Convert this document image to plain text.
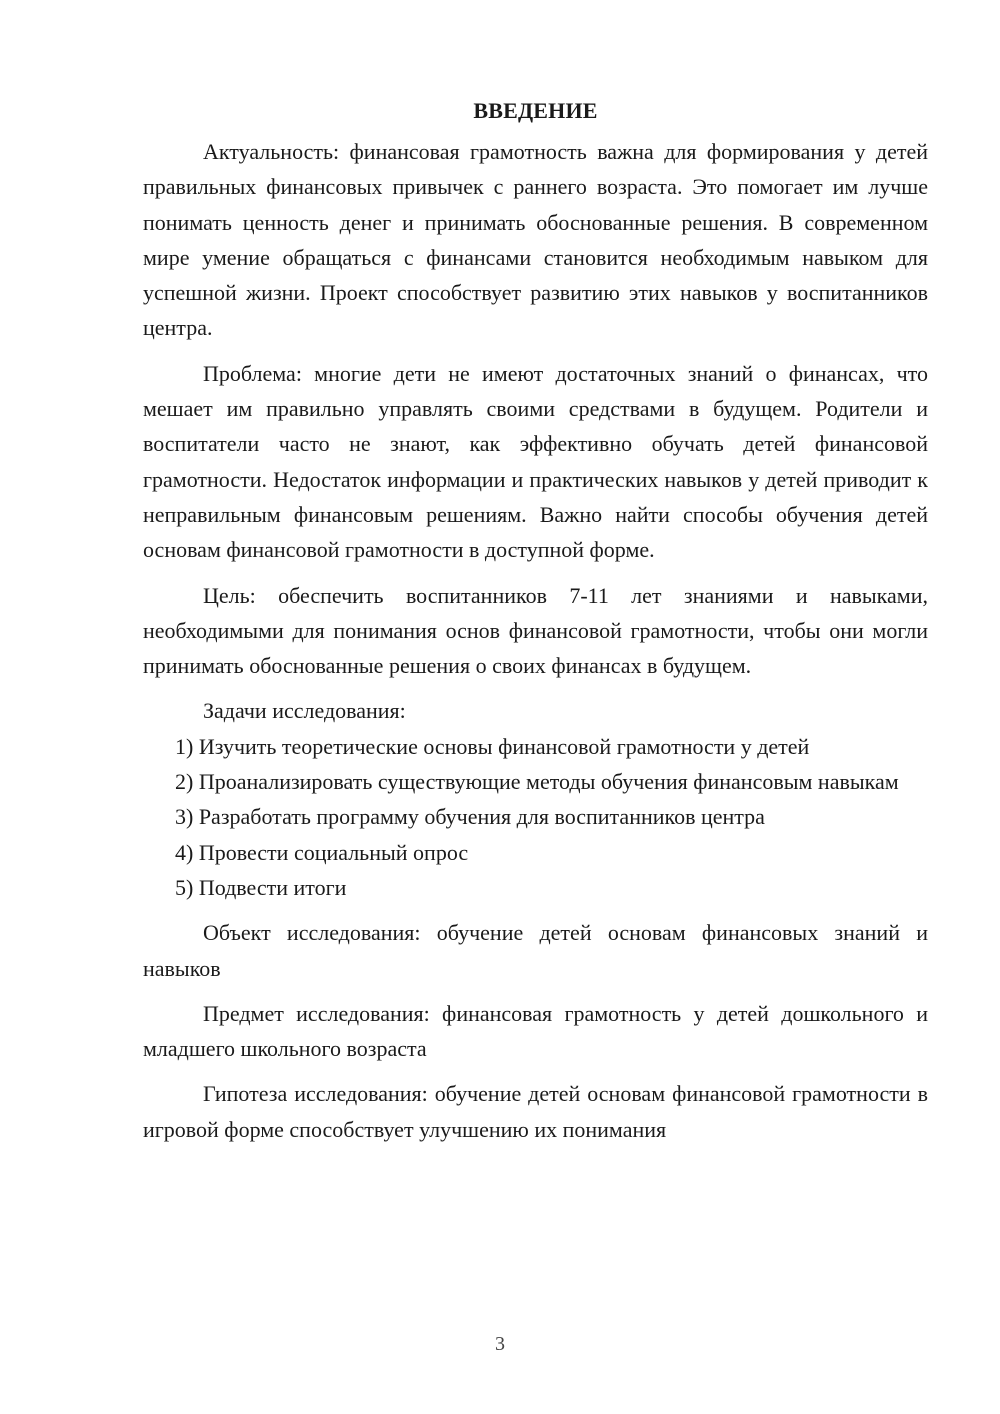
ВВЕДЕНИЕ

Актуальность: финансовая грамотность важна для формирования у детей правильных финансовых привычек с раннего возраста. Это помогает им лучше понимать ценность денег и принимать обоснованные решения. В современном мире умение обращаться с финансами становится необходимым навыком для успешной жизни. Проект способствует развитию этих навыков у воспитанников центра.

Проблема: многие дети не имеют достаточных знаний о финансах, что мешает им правильно управлять своими средствами в будущем. Родители и воспитатели часто не знают, как эффективно обучать детей финансовой грамотности. Недостаток информации и практических навыков у детей приводит к неправильным финансовым решениям. Важно найти способы обучения детей основам финансовой грамотности в доступной форме.

Цель: обеспечить воспитанников 7-11 лет знаниями и навыками, необходимыми для понимания основ финансовой грамотности, чтобы они могли принимать обоснованные решения о своих финансах в будущем.

Задачи исследования:

1) Изучить теоретические основы финансовой грамотности у детей

2) Проанализировать существующие методы обучения финансовым навыкам

3) Разработать программу обучения для воспитанников центра

4) Провести социальный опрос

5) Подвести итоги

Объект исследования: обучение детей основам финансовых знаний и навыков

Предмет исследования: финансовая грамотность у детей дошкольного и младшего школьного возраста

Гипотеза исследования: обучение детей основам финансовой грамотности в игровой форме способствует улучшению их понимания

3
